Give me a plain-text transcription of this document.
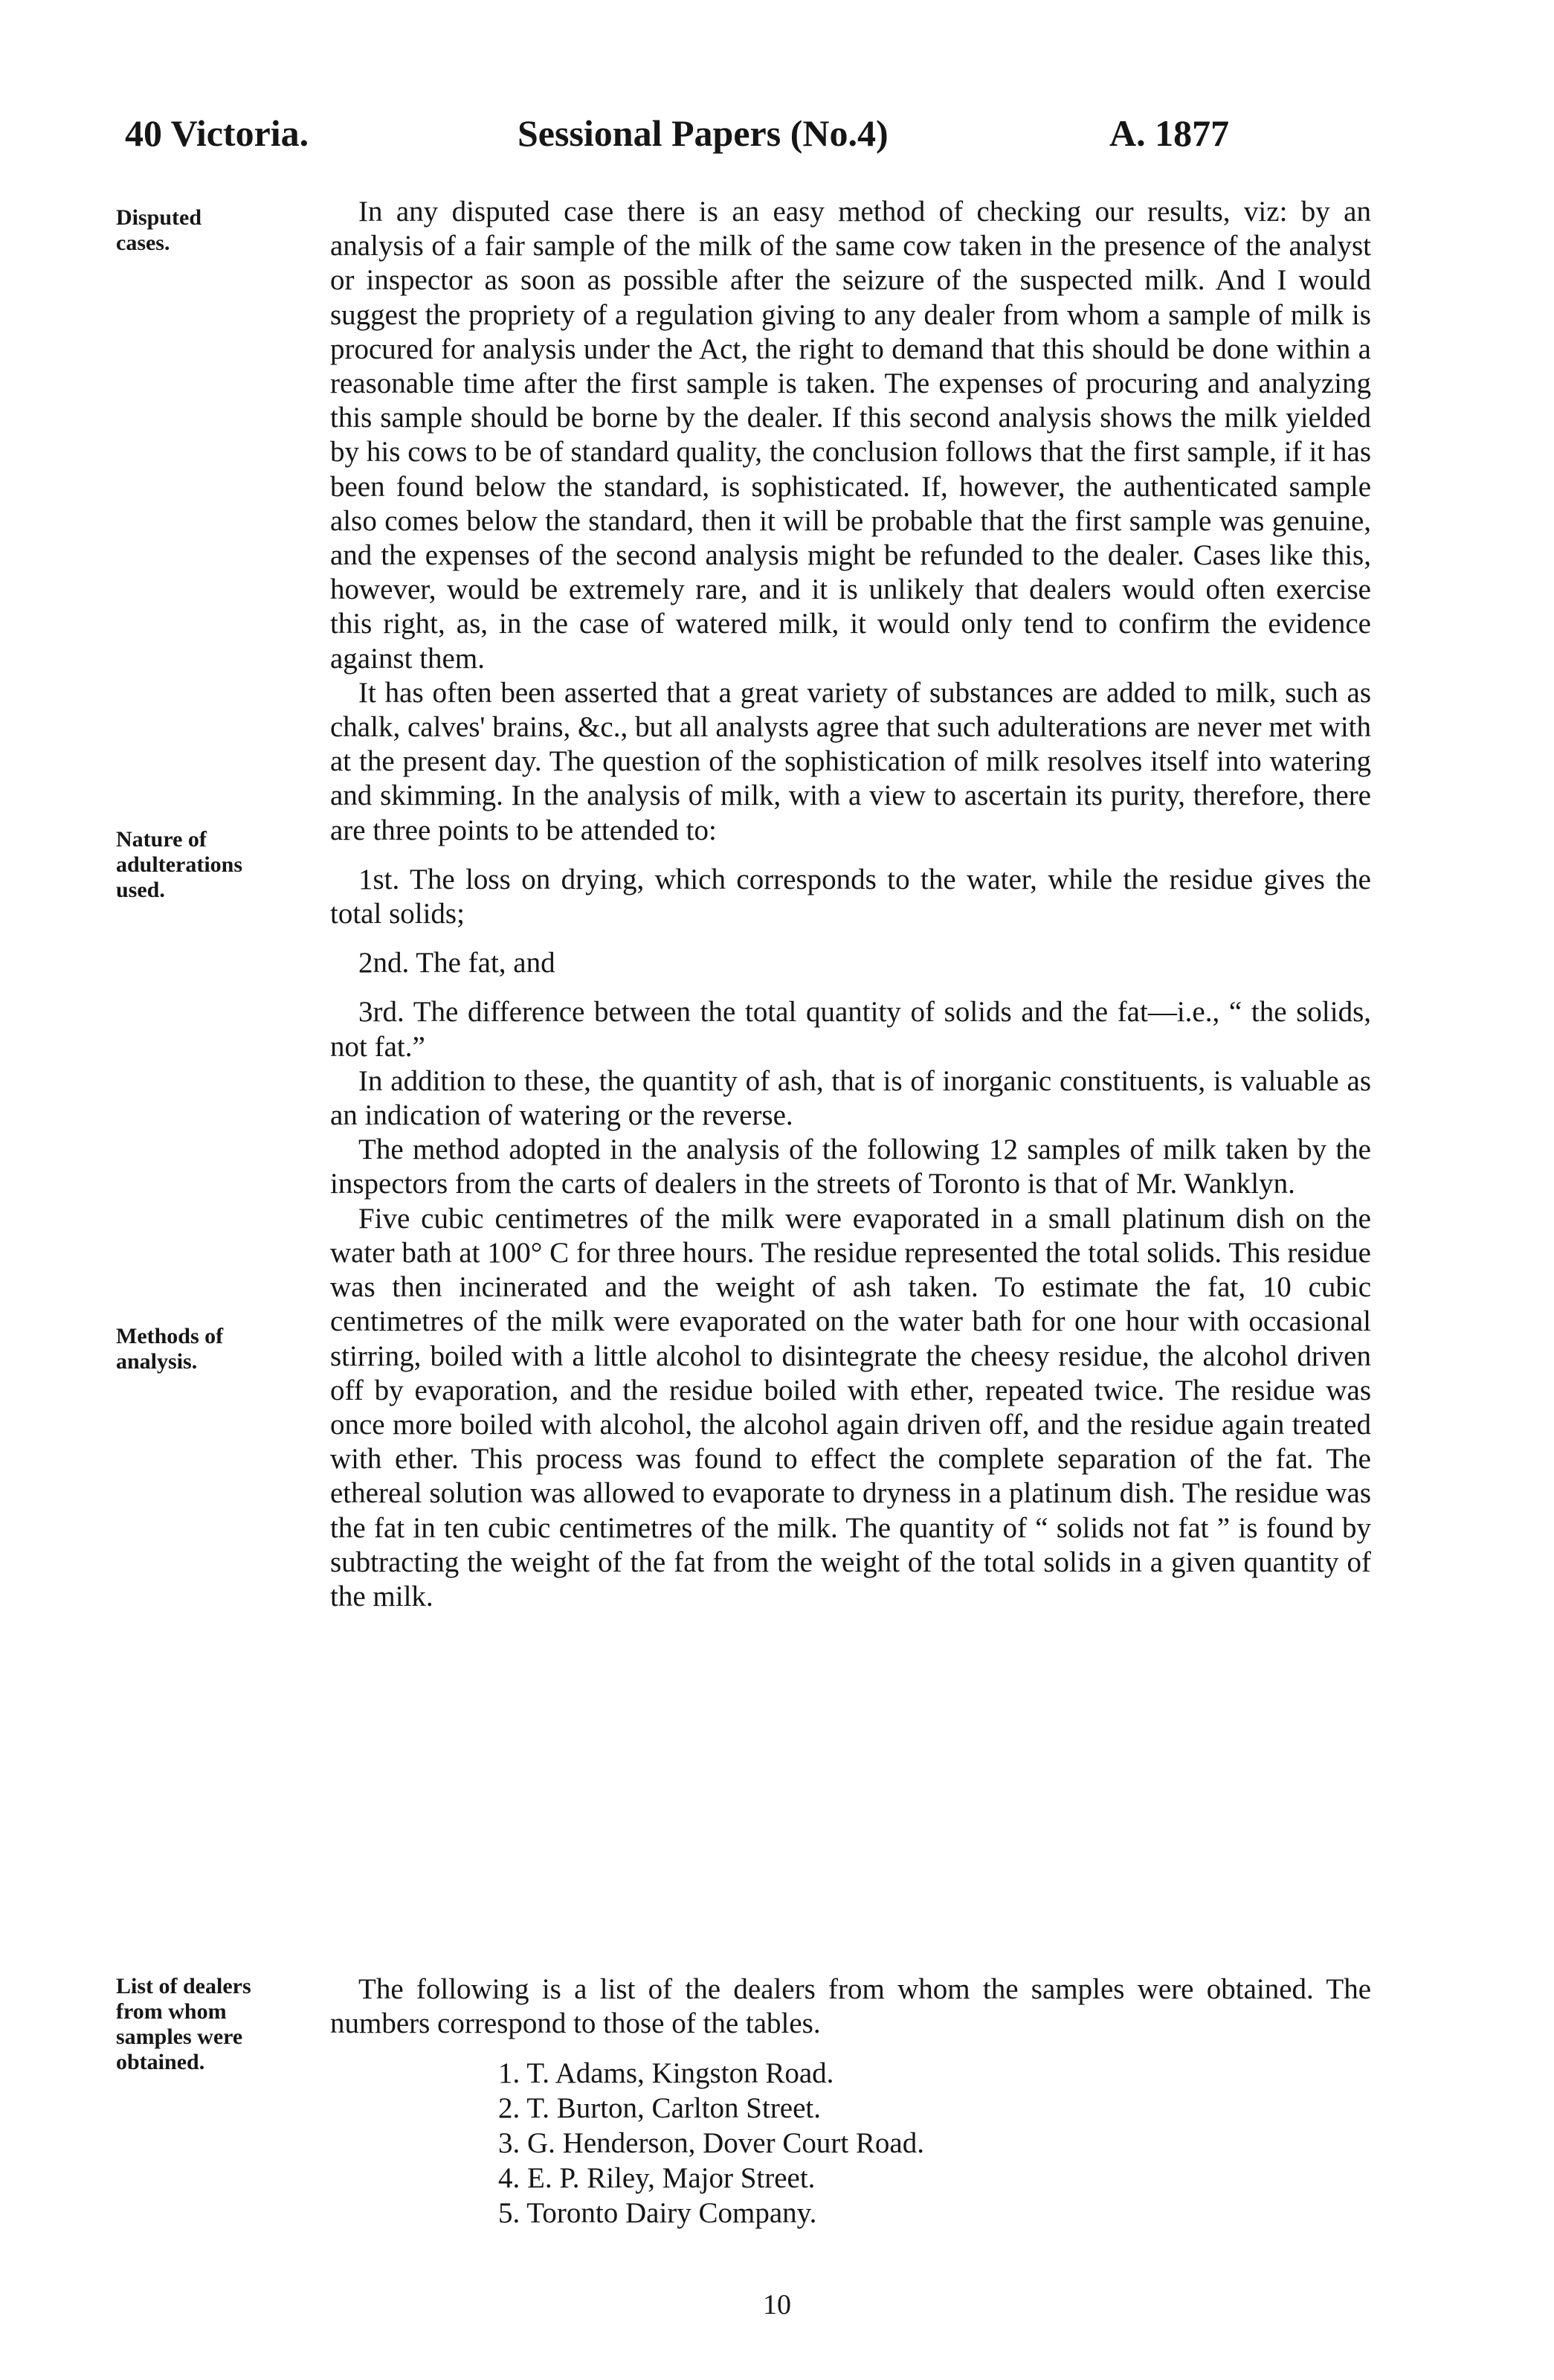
40 Victoria.	Sessional Papers (No.4)	A. 1877
Disputed
cases.
Nature of
adulterations
used.
Methods of
analysis.
List of dealers
from whom
samples were
obtained.

In any disputed case there is an easy method of checking our results, viz: by an analysis of a fair sample of the milk of the same cow taken in the presence of the analyst or inspector as soon as possible after the seizure of the suspected milk. And I would suggest the propriety of a regulation giving to any dealer from whom a sample of milk is procured for analysis under the Act, the right to demand that this should be done within a reasonable time after the first sample is taken. The expenses of procuring and analyzing this sample should be borne by the dealer. If this second analysis shows the milk yielded by his cows to be of standard quality, the conclusion follows that the first sample, if it has been found below the standard, is sophisticated. If, however, the authenticated sample also comes below the standard, then it will be probable that the first sample was genuine, and the expenses of the second analysis might be refunded to the dealer. Cases like this, however, would be extremely rare, and it is unlikely that dealers would often exercise this right, as, in the case of watered milk, it would only tend to confirm the evidence against them.

It has often been asserted that a great variety of substances are added to milk, such as chalk, calves' brains, &c., but all analysts agree that such adulterations are never met with at the present day. The question of the sophistication of milk resolves itself into watering and skimming. In the analysis of milk, with a view to ascertain its purity, therefore, there are three points to be attended to:

1st. The loss on drying, which corresponds to the water, while the residue gives the total solids;

2nd. The fat, and

3rd. The difference between the total quantity of solids and the fat—i.e., “ the solids, not fat.”

In addition to these, the quantity of ash, that is of inorganic constituents, is valuable as an indication of watering or the reverse.

The method adopted in the analysis of the following 12 samples of milk taken by the inspectors from the carts of dealers in the streets of Toronto is that of Mr. Wanklyn.

Five cubic centimetres of the milk were evaporated in a small platinum dish on the water bath at 100° C for three hours. The residue represented the total solids. This residue was then incinerated and the weight of ash taken. To estimate the fat, 10 cubic centimetres of the milk were evaporated on the water bath for one hour with occasional stirring, boiled with a little alcohol to disintegrate the cheesy residue, the alcohol driven off by evaporation, and the residue boiled with ether, repeated twice. The residue was once more boiled with alcohol, the alcohol again driven off, and the residue again treated with ether. This process was found to effect the complete separation of the fat. The ethereal solution was allowed to evaporate to dryness in a platinum dish. The residue was the fat in ten cubic centimetres of the milk. The quantity of “ solids not fat ” is found by subtracting the weight of the fat from the weight of the total solids in a given quantity of the milk.

The following is a list of the dealers from whom the samples were obtained. The numbers correspond to those of the tables.

1. T. Adams, Kingston Road.
2. T. Burton, Carlton Street.
3. G. Henderson, Dover Court Road.
4. E. P. Riley, Major Street.
5. Toronto Dairy Company.
10
